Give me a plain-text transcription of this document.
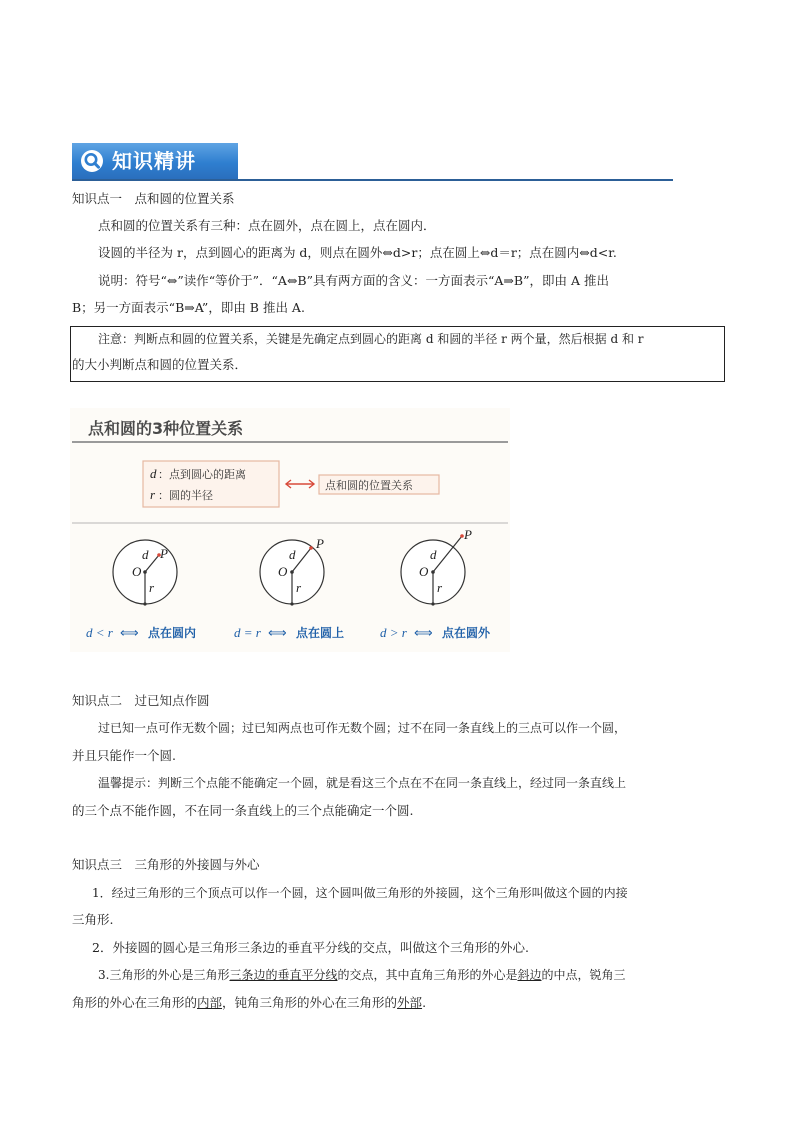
知识精讲
知识点一　点和圆的位置关系
点和圆的位置关系有三种：点在圆外，点在圆上，点在圆内．
设圆的半径为 r，点到圆心的距离为 d，则点在圆外⇔d>r；点在圆上⇔d＝r；点在圆内⇔d<r.
说明：符号“⇔”读作“等价于”．“A⇔B”具有两方面的含义：一方面表示“A⇒B”，即由 A 推出
B；另一方面表示“B⇒A”，即由 B 推出 A.
注意：判断点和圆的位置关系，关键是先确定点到圆心的距离 d 和圆的半径 r 两个量，然后根据 d 和 r
的大小判断点和圆的位置关系．
点和圆的3种位置关系
d ：点到圆心的距离
r ：圆的半径
点和圆的位置关系
O
d P
r
O
d
P
r
O
d
P
r
d < r ⟺ 点在圆内	d = r ⟺ 点在圆上	d > r ⟺ 点在圆外
知识点二　过已知点作圆
过已知一点可作无数个圆；过已知两点也可作无数个圆；过不在同一条直线上的三点可以作一个圆，
并且只能作一个圆.
温馨提示：判断三个点能不能确定一个圆，就是看这三个点在不在同一条直线上，经过同一条直线上
的三个点不能作圆，不在同一条直线上的三个点能确定一个圆.
知识点三　三角形的外接圆与外心
1．经过三角形的三个顶点可以作一个圆，这个圆叫做三角形的外接圆，这个三角形叫做这个圆的内接
三角形.
2．外接圆的圆心是三角形三条边的垂直平分线的交点，叫做这个三角形的外心.
3.三角形的外心是三角形三条边的垂直平分线的交点，其中直角三角形的外心是斜边的中点，锐角三
角形的外心在三角形的内部，钝角三角形的外心在三角形的外部.
